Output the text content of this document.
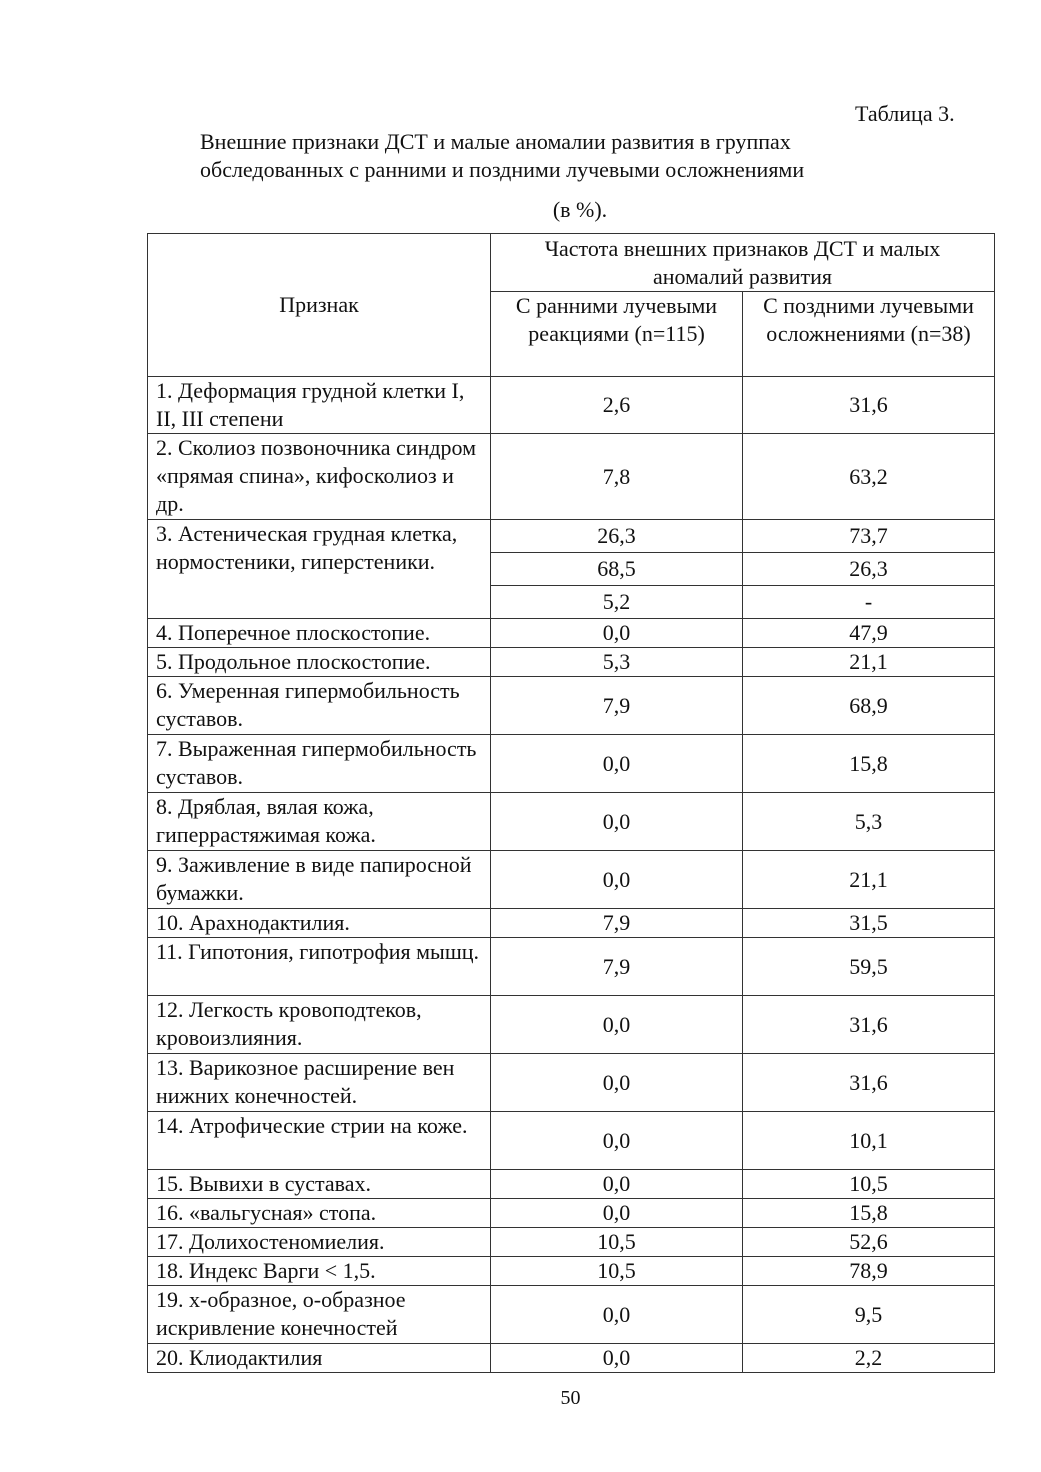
Таблица 3.
Внешние признаки ДСТ и малые аномалии развития в группах
обследованных с ранними и поздними лучевыми осложнениями
(в %).
Признак	Частота внешних признаков ДСТ и малых аномалий развития	
	С ранними лучевыми реакциями (n=115)	С поздними лучевыми осложнениями (n=38)
1. Деформация грудной клетки I, II, III степени	2,6	31,6
2. Сколиоз позвоночника синдром «прямая спина», кифосколиоз и др.	7,8	63,2
3. Астеническая грудная клетка, нормостеники, гиперстеники.	26,3	73,7
	68,5	26,3
	5,2	-
4. Поперечное плоскостопие.	0,0	47,9
5. Продольное плоскостопие.	5,3	21,1
6. Умеренная гипермобильность суставов.	7,9	68,9
7. Выраженная гипермобильность суставов.	0,0	15,8
8. Дряблая, вялая кожа, гиперрастяжимая кожа.	0,0	5,3
9. Заживление в виде папиросной бумажки.	0,0	21,1
10. Арахнодактилия.	7,9	31,5
11. Гипотония, гипотрофия мышц.	7,9	59,5
12. Легкость кровоподтеков, кровоизлияния.	0,0	31,6
13. Варикозное расширение вен нижних конечностей.	0,0	31,6
14. Атрофические стрии на коже.	0,0	10,1
15. Вывихи в суставах.	0,0	10,5
16. «вальгусная» стопа.	0,0	15,8
17. Долихостеномиелия.	10,5	52,6
18. Индекс Варги < 1,5.	10,5	78,9
19. х-образное, о-образное искривление конечностей	0,0	9,5
20. Клиодактилия	0,0	2,2
50
